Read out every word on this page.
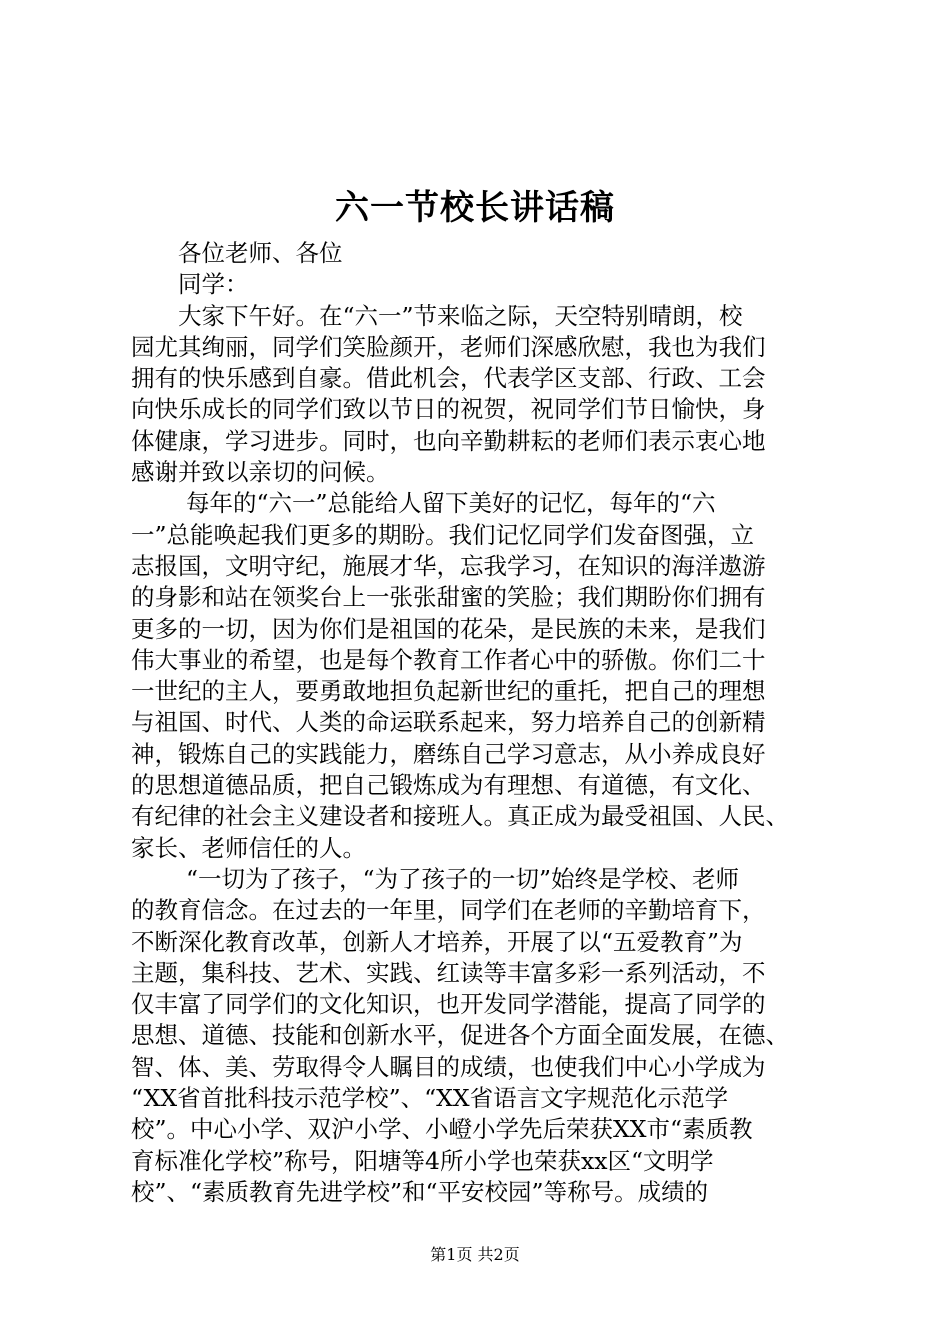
六一节校长讲话稿
各位老师、各位
同学：
大家下午好。在“六一”节来临之际，天空特别晴朗，校
园尤其绚丽，同学们笑脸颜开，老师们深感欣慰，我也为我们
拥有的快乐感到自豪。借此机会，代表学区支部、行政、工会
向快乐成长的同学们致以节日的祝贺，祝同学们节日愉快，身
体健康，学习进步。同时，也向辛勤耕耘的老师们表示衷心地
感谢并致以亲切的问候。
每年的“六一”总能给人留下美好的记忆，每年的“六
一”总能唤起我们更多的期盼。我们记忆同学们发奋图强，立
志报国，文明守纪，施展才华，忘我学习，在知识的海洋遨游
的身影和站在领奖台上一张张甜蜜的笑脸；我们期盼你们拥有
更多的一切，因为你们是祖国的花朵，是民族的未来，是我们
伟大事业的希望，也是每个教育工作者心中的骄傲。你们二十
一世纪的主人，要勇敢地担负起新世纪的重托，把自己的理想
与祖国、时代、人类的命运联系起来，努力培养自己的创新精
神，锻炼自己的实践能力，磨练自己学习意志，从小养成良好
的思想道德品质，把自己锻炼成为有理想、有道德，有文化、
有纪律的社会主义建设者和接班人。真正成为最受祖国、人民、
家长、老师信任的人。
“一切为了孩子，“为了孩子的一切”始终是学校、老师
的教育信念。在过去的一年里，同学们在老师的辛勤培育下，
不断深化教育改革，创新人才培养，开展了以“五爱教育”为
主题，集科技、艺术、实践、红读等丰富多彩一系列活动，不
仅丰富了同学们的文化知识，也开发同学潜能，提高了同学的
思想、道德、技能和创新水平，促进各个方面全面发展，在德、
智、体、美、劳取得令人瞩目的成绩，也使我们中心小学成为
“XX省首批科技示范学校”、“XX省语言文字规范化示范学
校”。中心小学、双沪小学、小嶝小学先后荣获XX市“素质教
育标准化学校”称号，阳塘等4所小学也荣获xx区“文明学
校”、“素质教育先进学校”和“平安校园”等称号。成绩的
第1页 共2页
